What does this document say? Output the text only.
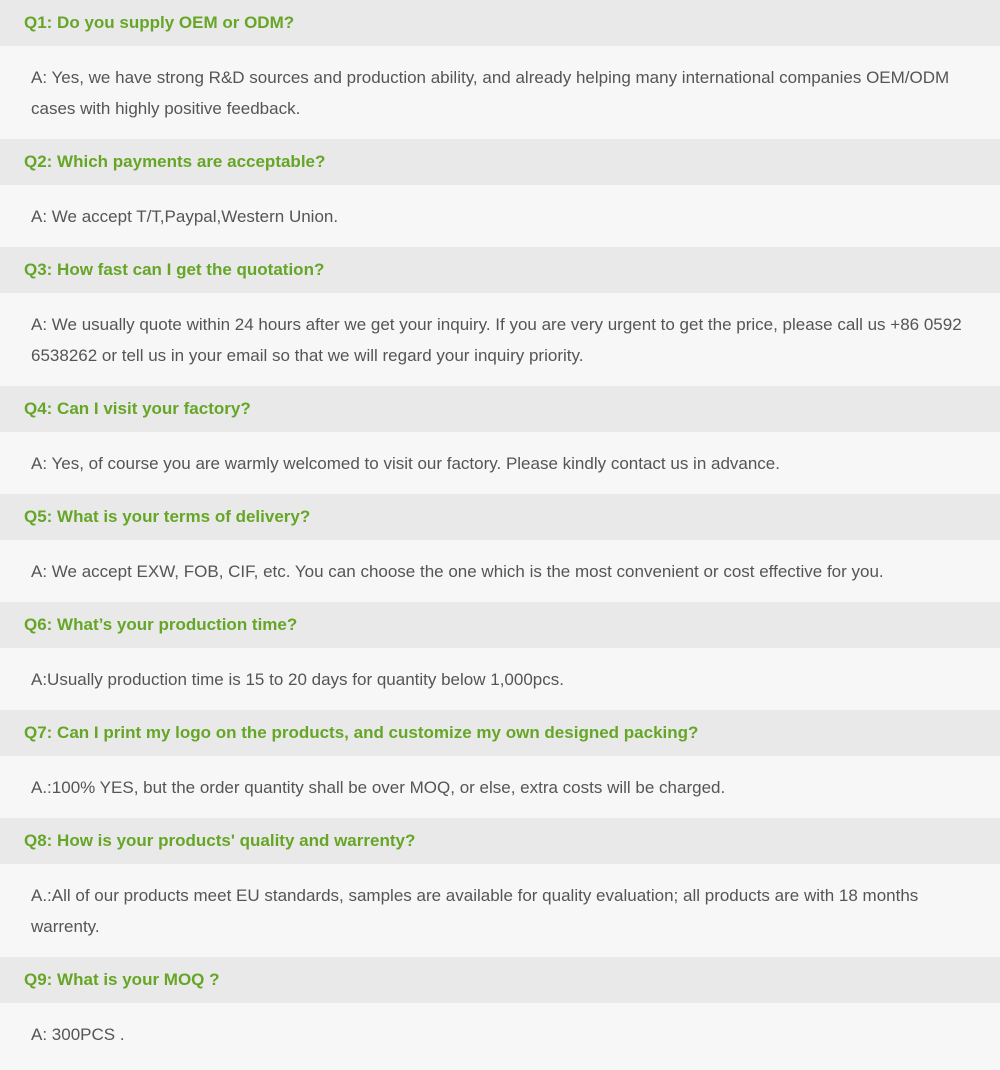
Q1: Do you supply OEM or ODM?
A: Yes, we have strong R&D sources and production ability, and already helping many international companies OEM/ODM cases with highly positive feedback.
Q2: Which payments are acceptable?
A: We accept T/T,Paypal,Western Union.
Q3: How fast can I get the quotation?
A: We usually quote within 24 hours after we get your inquiry. If you are very urgent to get the price, please call us +86 0592 6538262 or tell us in your email so that we will regard your inquiry priority.
Q4: Can I visit your factory?
A: Yes, of course you are warmly welcomed to visit our factory. Please kindly contact us in advance.
Q5: What is your terms of delivery?
A: We accept EXW, FOB, CIF, etc. You can choose the one which is the most convenient or cost effective for you.
Q6: What’s your production time?
A:Usually production time is 15 to 20 days for quantity below 1,000pcs.
Q7: Can I print my logo on the products, and customize my own designed packing?
A.:100% YES, but the order quantity shall be over MOQ, or else, extra costs will be charged.
Q8: How is your products' quality and warrenty?
A.:All of our products meet EU standards, samples are available for quality evaluation; all products are with 18 months warrenty.
Q9: What is your MOQ ?
A: 300PCS .
